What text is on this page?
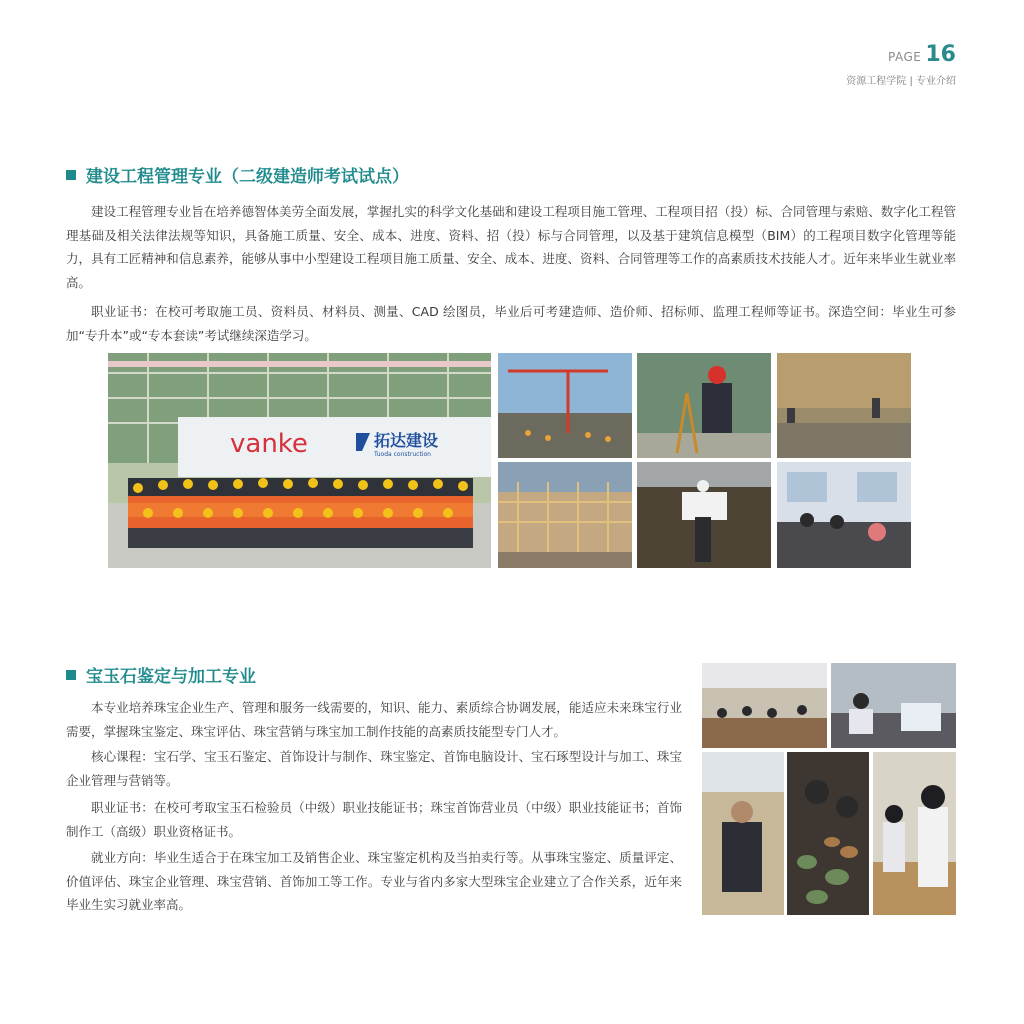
PAGE 16
资源工程学院 | 专业介绍
建设工程管理专业（二级建造师考试试点）

建设工程管理专业旨在培养德智体美劳全面发展，掌握扎实的科学文化基础和建设工程项目施工管理、工程项目招（投）标、合同管理与索赔、数字化工程管理基础及相关法律法规等知识，具备施工质量、安全、成本、进度、资料、招（投）标与合同管理，以及基于建筑信息模型（BIM）的工程项目数字化管理等能力，具有工匠精神和信息素养，能够从事中小型建设工程项目施工质量、安全、成本、进度、资料、合同管理等工作的高素质技术技能人才。近年来毕业生就业率高。

职业证书：在校可考取施工员、资料员、材料员、测量、CAD 绘图员，毕业后可考建造师、造价师、招标师、监理工程师等证书。深造空间：毕业生可参加“专升本”或“专本套读”考试继续深造学习。

vanke	拓达建设
Tuoda construction
宝玉石鉴定与加工专业

本专业培养珠宝企业生产、管理和服务一线需要的，知识、能力、素质综合协调发展，能适应未来珠宝行业需要，掌握珠宝鉴定、珠宝评估、珠宝营销与珠宝加工制作技能的高素质技能型专门人才。

核心课程：宝石学、宝玉石鉴定、首饰设计与制作、珠宝鉴定、首饰电脑设计、宝石琢型设计与加工、珠宝企业管理与营销等。

职业证书：在校可考取宝玉石检验员（中级）职业技能证书；珠宝首饰营业员（中级）职业技能证书；首饰制作工（高级）职业资格证书。

就业方向：毕业生适合于在珠宝加工及销售企业、珠宝鉴定机构及当拍卖行等。从事珠宝鉴定、质量评定、价值评估、珠宝企业管理、珠宝营销、首饰加工等工作。专业与省内多家大型珠宝企业建立了合作关系，近年来毕业生实习就业率高。
